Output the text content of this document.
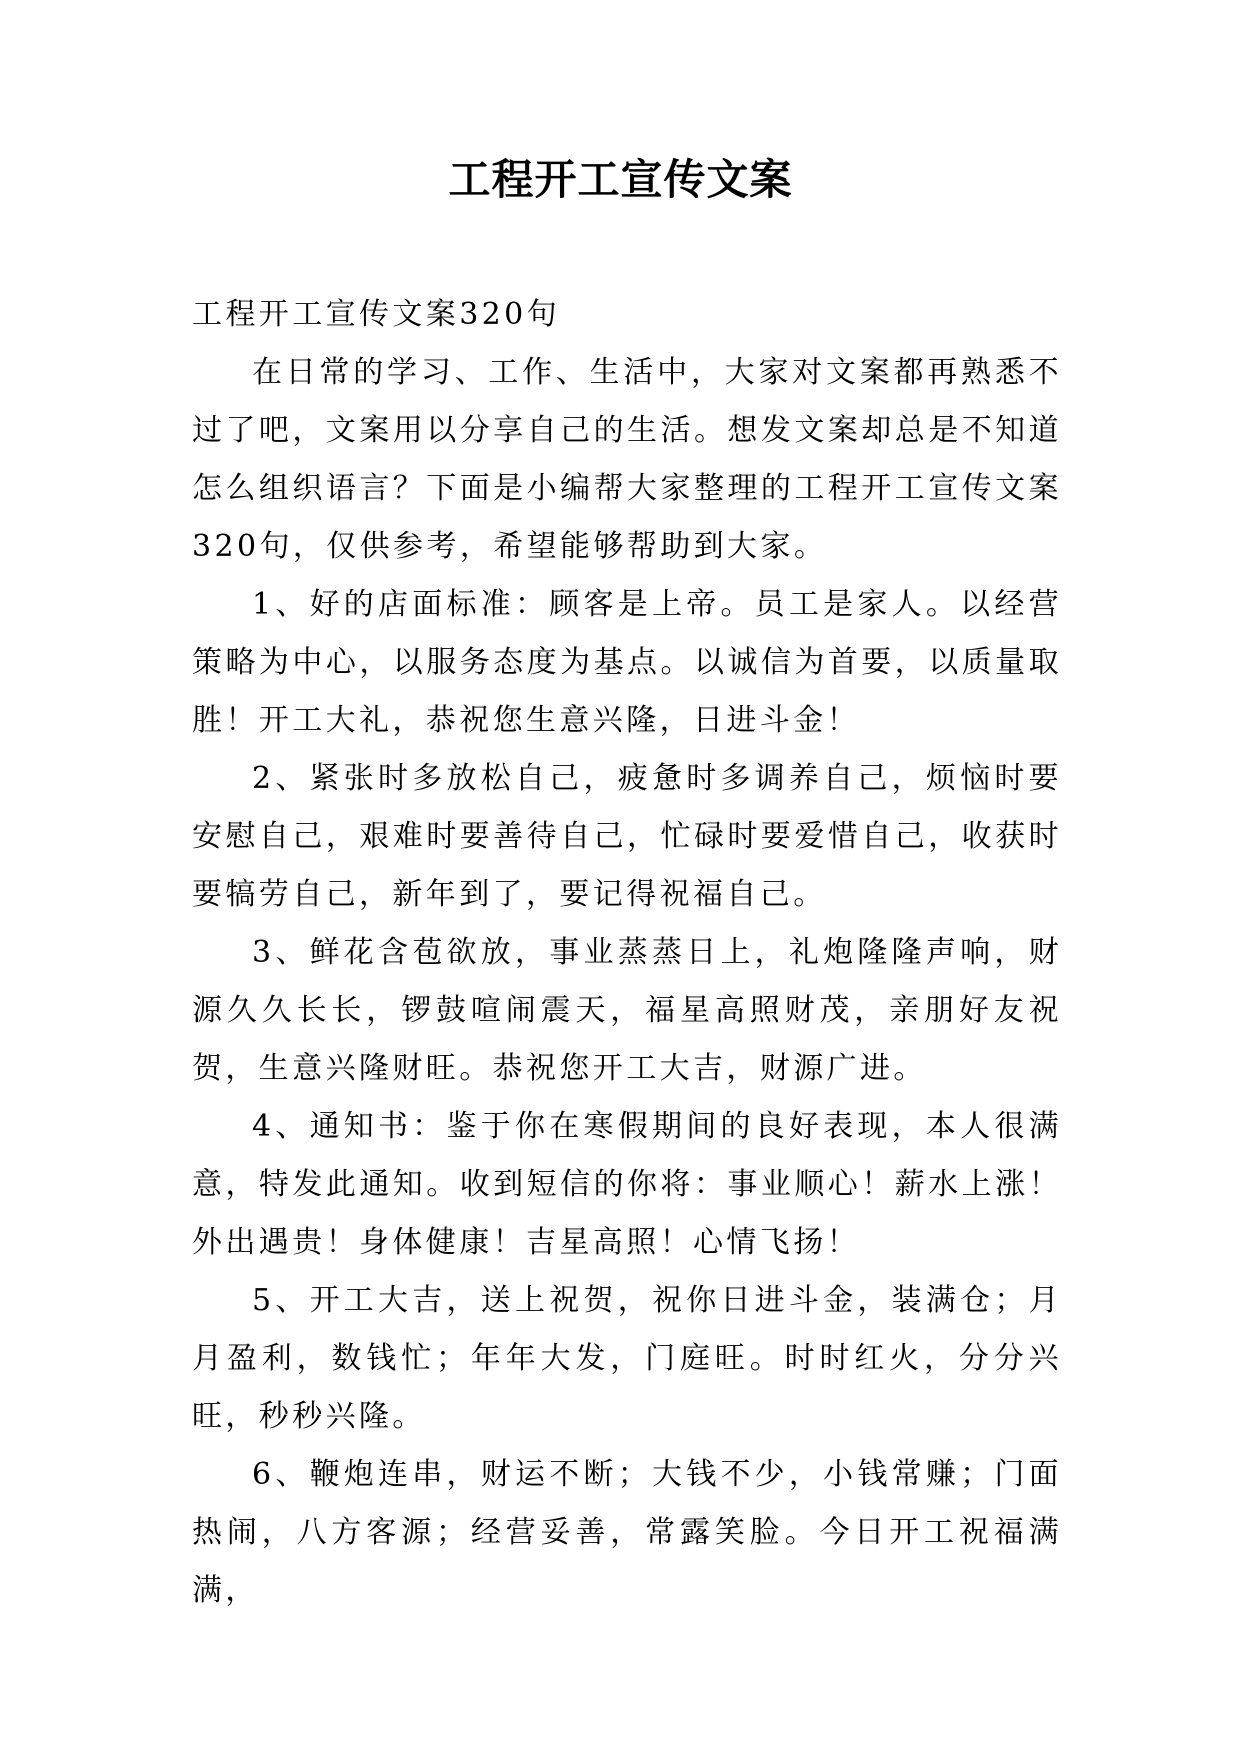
工程开工宣传文案

工程开工宣传文案320句

在日常的学习、工作、生活中，大家对文案都再熟悉不过了吧，文案用以分享自己的生活。想发文案却总是不知道怎么组织语言？下面是小编帮大家整理的工程开工宣传文案320句，仅供参考，希望能够帮助到大家。

1、好的店面标准：顾客是上帝。员工是家人。以经营策略为中心，以服务态度为基点。以诚信为首要，以质量取胜！开工大礼，恭祝您生意兴隆，日进斗金！

2、紧张时多放松自己，疲惫时多调养自己，烦恼时要安慰自己，艰难时要善待自己，忙碌时要爱惜自己，收获时要犒劳自己，新年到了，要记得祝福自己。

3、鲜花含苞欲放，事业蒸蒸日上，礼炮隆隆声响，财源久久长长，锣鼓喧闹震天，福星高照财茂，亲朋好友祝贺，生意兴隆财旺。恭祝您开工大吉，财源广进。

4、通知书：鉴于你在寒假期间的良好表现，本人很满意，特发此通知。收到短信的你将：事业顺心！薪水上涨！外出遇贵！身体健康！吉星高照！心情飞扬！

5、开工大吉，送上祝贺，祝你日进斗金，装满仓；月月盈利，数钱忙；年年大发，门庭旺。时时红火，分分兴旺，秒秒兴隆。

6、鞭炮连串，财运不断；大钱不少，小钱常赚；门面热闹，八方客源；经营妥善，常露笑脸。今日开工祝福满满，
